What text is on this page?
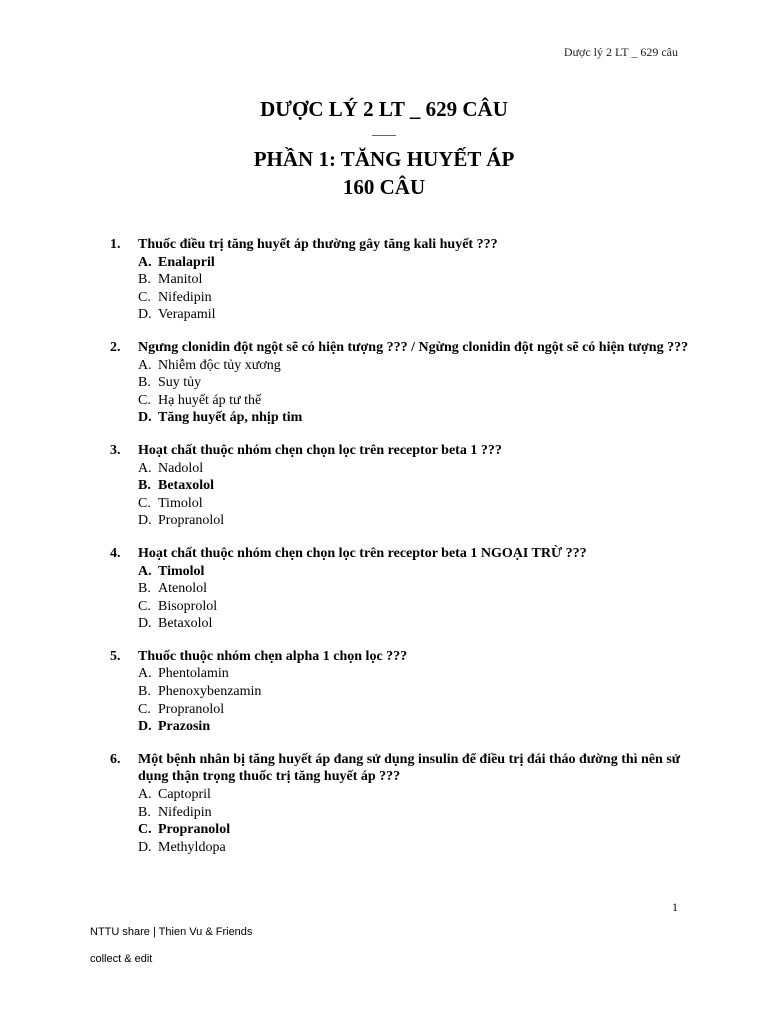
Dược lý 2 LT _ 629 câu

DƯỢC LÝ 2 LT _ 629 CÂU

____

PHẦN 1: TĂNG HUYẾT ÁP

160 CÂU

1.	Thuốc điều trị tăng huyết áp thường gây tăng kali huyết ???
A. Enalapril
B. Manitol
C. Nifedipin
D. Verapamil
2.	Ngưng clonidin đột ngột sẽ có hiện tượng ??? / Ngừng clonidin đột ngột sẽ có hiện tượng ???
A. Nhiễm độc tủy xương
B. Suy tủy
C. Hạ huyết áp tư thế
D. Tăng huyết áp, nhịp tim
3.	Hoạt chất thuộc nhóm chẹn chọn lọc trên receptor beta 1 ???
A. Nadolol
B. Betaxolol
C. Timolol
D. Propranolol
4.	Hoạt chất thuộc nhóm chẹn chọn lọc trên receptor beta 1 NGOẠI TRỪ ???
A. Timolol
B. Atenolol
C. Bisoprolol
D. Betaxolol
5.	Thuốc thuộc nhóm chẹn alpha 1 chọn lọc ???
A. Phentolamin
B. Phenoxybenzamin
C. Propranolol
D. Prazosin
6.	Một bệnh nhân bị tăng huyết áp đang sử dụng insulin để điều trị đái tháo đường thì nên sử dụng thận trọng thuốc trị tăng huyết áp ???
A. Captopril
B. Nifedipin
C. Propranolol
D. Methyldopa
1
NTTU share | Thien Vu & Friends
collect & edit
